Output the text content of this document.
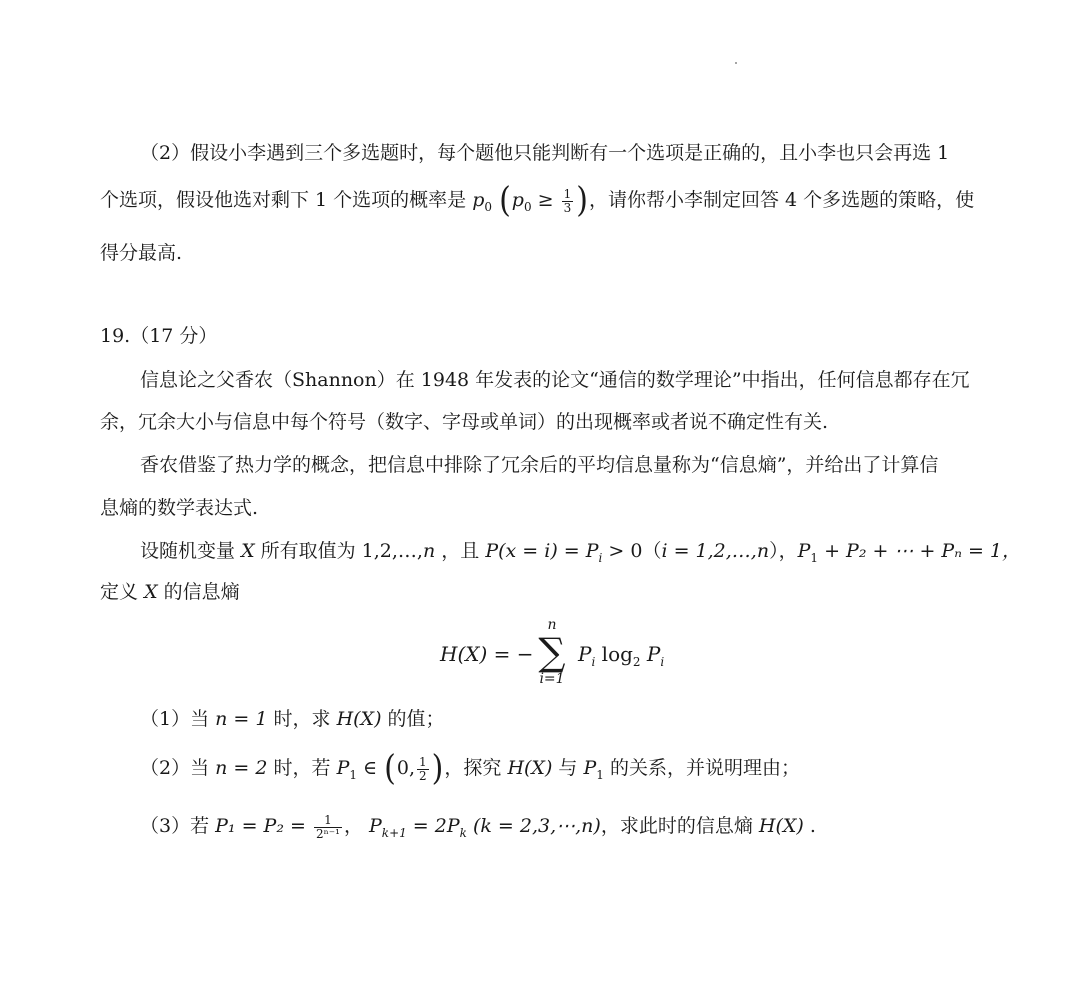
（2）假设小李遇到三个多选题时，每个题他只能判断有一个选项是正确的，且小李也只会再选 1
个选项，假设他选对剩下 1 个选项的概率是 $p_0$ ($p_0 \ge \frac{1}{3}$ )，请你帮小李制定回答 4 个多选题的策略，使
得分最高.
19.（17 分）
信息论之父香农（Shannon）在 1948 年发表的论文“通信的数学理论”中指出，任何信息都存在冗
余，冗余大小与信息中每个符号（数字、字母或单词）的出现概率或者说不确定性有关.
香农借鉴了热力学的概念，把信息中排除了冗余后的平均信息量称为“信息熵”，并给出了计算信
息熵的数学表达式.
设随机变量 X 所有取值为 1,2,…,n ，且 $P(x = i) = P_i > 0(i$ = 1,2,…,n），$P_1 + P_2$ + ⋯ + Pₙ = 1，
定义 X 的信息熵
H(X) = −
n
∑
i=1
$P_i$ $\log_2 P_i$
（1）当 n = 1 时，求 H(X) 的值；
（2）当 n = 2 时，若 $P_1$ ∈ (0, $\frac{1}{2}$ )，探究 H(X) 与 $P_1$ 的关系，并说明理由；
（3）若 $P_1 = P_2 = \frac{1}{\text{2ⁿ⁻¹}}$ ， $P_{k+1} = 2P_k$ (k = 2,3,⋯,n)，求此时的信息熵 H(X) .
